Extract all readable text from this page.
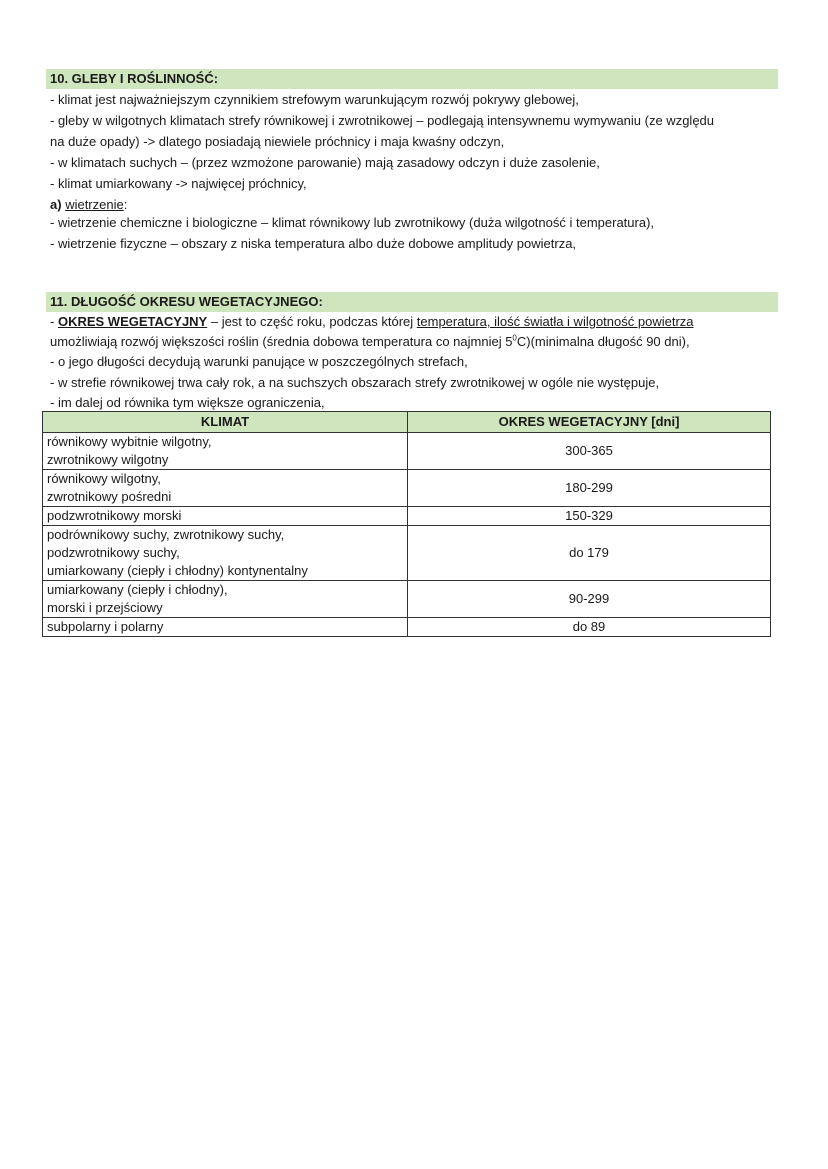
10. GLEBY I ROŚLINNOŚĆ:
- klimat jest najważniejszym czynnikiem strefowym warunkującym rozwój pokrywy glebowej,
- gleby w wilgotnych klimatach strefy równikowej i zwrotnikowej – podlegają intensywnemu wymywaniu (ze względu
na duże opady) -> dlatego posiadają niewiele próchnicy i maja kwaśny odczyn,
- w klimatach suchych – (przez wzmożone parowanie) mają zasadowy odczyn i duże zasolenie,
- klimat umiarkowany -> najwięcej próchnicy,
a) wietrzenie:
- wietrzenie chemiczne i biologiczne – klimat równikowy lub zwrotnikowy (duża wilgotność i temperatura),
- wietrzenie fizyczne – obszary z niska temperatura albo duże dobowe amplitudy powietrza,
11. DŁUGOŚĆ OKRESU WEGETACYJNEGO:
- OKRES WEGETACYJNY – jest to część roku, podczas której temperatura, ilość światła i wilgotność powietrza
umożliwiają rozwój większości roślin (średnia dobowa temperatura co najmniej $5^0C)(minimalna$ długość 90 dni),
- o jego długości decydują warunki panujące w poszczególnych strefach,
- w strefie równikowej trwa cały rok, a na suchszych obszarach strefy zwrotnikowej w ogóle nie występuje,
- im dalej od równika tym większe ograniczenia,
KLIMAT	OKRES WEGETACYJNY [dni]

równikowy wybitnie wilgotny,
zwrotnikowy wilgotny	300-365

równikowy wilgotny,
zwrotnikowy pośredni	180-299

podzwrotnikowy morski	150-329

podrównikowy suchy, zwrotnikowy suchy,
podzwrotnikowy suchy,
umiarkowany (ciepły i chłodny) kontynentalny	do 179

umiarkowany (ciepły i chłodny),
morski i przejściowy	90-299

subpolarny i polarny	do 89
